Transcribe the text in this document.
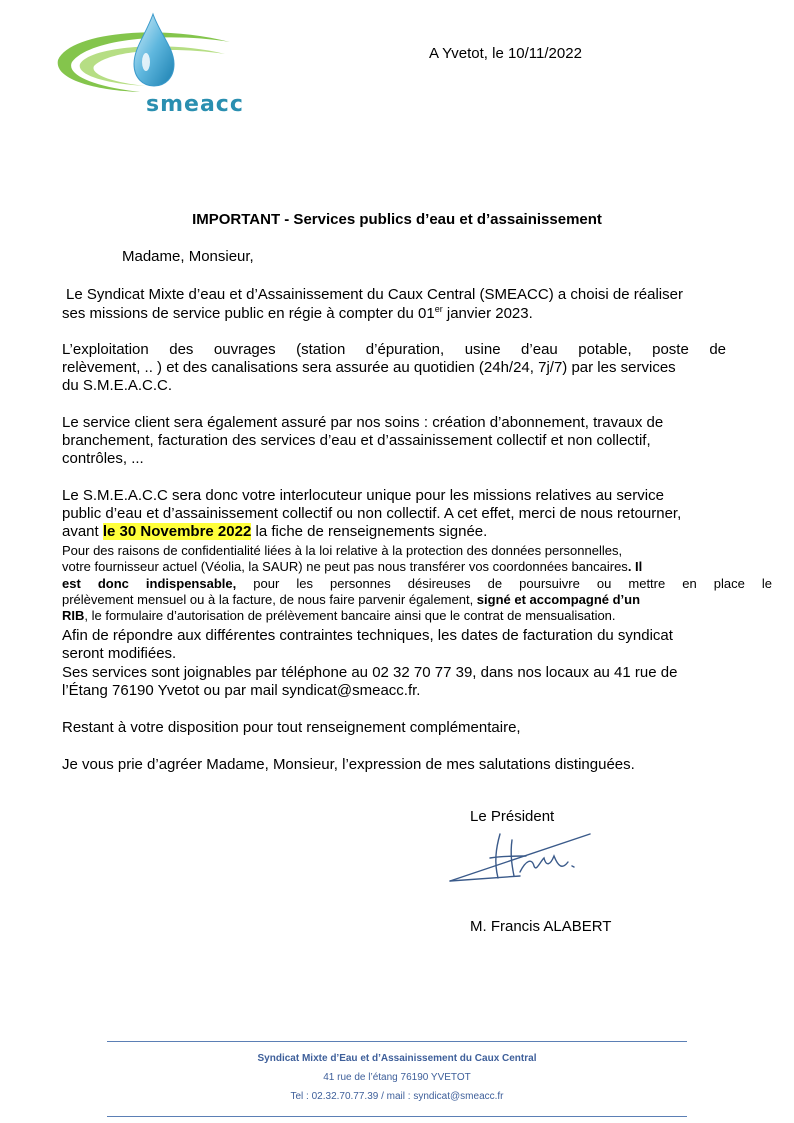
smeacc
A Yvetot, le 10/11/2022
IMPORTANT - Services publics d’eau et d’assainissement
Madame, Monsieur,
Le Syndicat Mixte d’eau et d’Assainissement du Caux Central (SMEACC) a choisi de réaliser
ses missions de service public en régie à compter du 01er janvier 2023.
L’exploitation des ouvrages (station d’épuration, usine d’eau potable, poste de
relèvement, .. ) et des canalisations sera assurée au quotidien (24h/24, 7j/7) par les services
du S.M.E.A.C.C.
Le service client sera également assuré par nos soins : création d’abonnement, travaux de
branchement, facturation des services d’eau et d’assainissement collectif et non collectif,
contrôles, ...
Le S.M.E.A.C.C sera donc votre interlocuteur unique pour les missions relatives au service
public d’eau et d’assainissement collectif ou non collectif. A cet effet, merci de nous retourner,
avant le 30 Novembre 2022 la fiche de renseignements signée.
Pour des raisons de confidentialité liées à la loi relative à la protection des données personnelles,
votre fournisseur actuel (Véolia, la SAUR) ne peut pas nous transférer vos coordonnées bancaires. Il
est donc indispensable, pour les personnes désireuses de poursuivre ou mettre en place le
prélèvement mensuel ou à la facture, de nous faire parvenir également, signé et accompagné d’un
RIB, le formulaire d’autorisation de prélèvement bancaire ainsi que le contrat de mensualisation.
Afin de répondre aux différentes contraintes techniques, les dates de facturation du syndicat
seront modifiées.
Ses services sont joignables par téléphone au 02 32 70 77 39, dans nos locaux au 41 rue de
l’Étang 76190 Yvetot ou par mail syndicat@smeacc.fr.
Restant à votre disposition pour tout renseignement complémentaire,
Je vous prie d’agréer Madame, Monsieur, l’expression de mes salutations distinguées.
Le Président
M. Francis ALABERT
Syndicat Mixte d’Eau et d’Assainissement du Caux Central
41 rue de l’étang 76190 YVETOT
Tel : 02.32.70.77.39 / mail : syndicat@smeacc.fr
